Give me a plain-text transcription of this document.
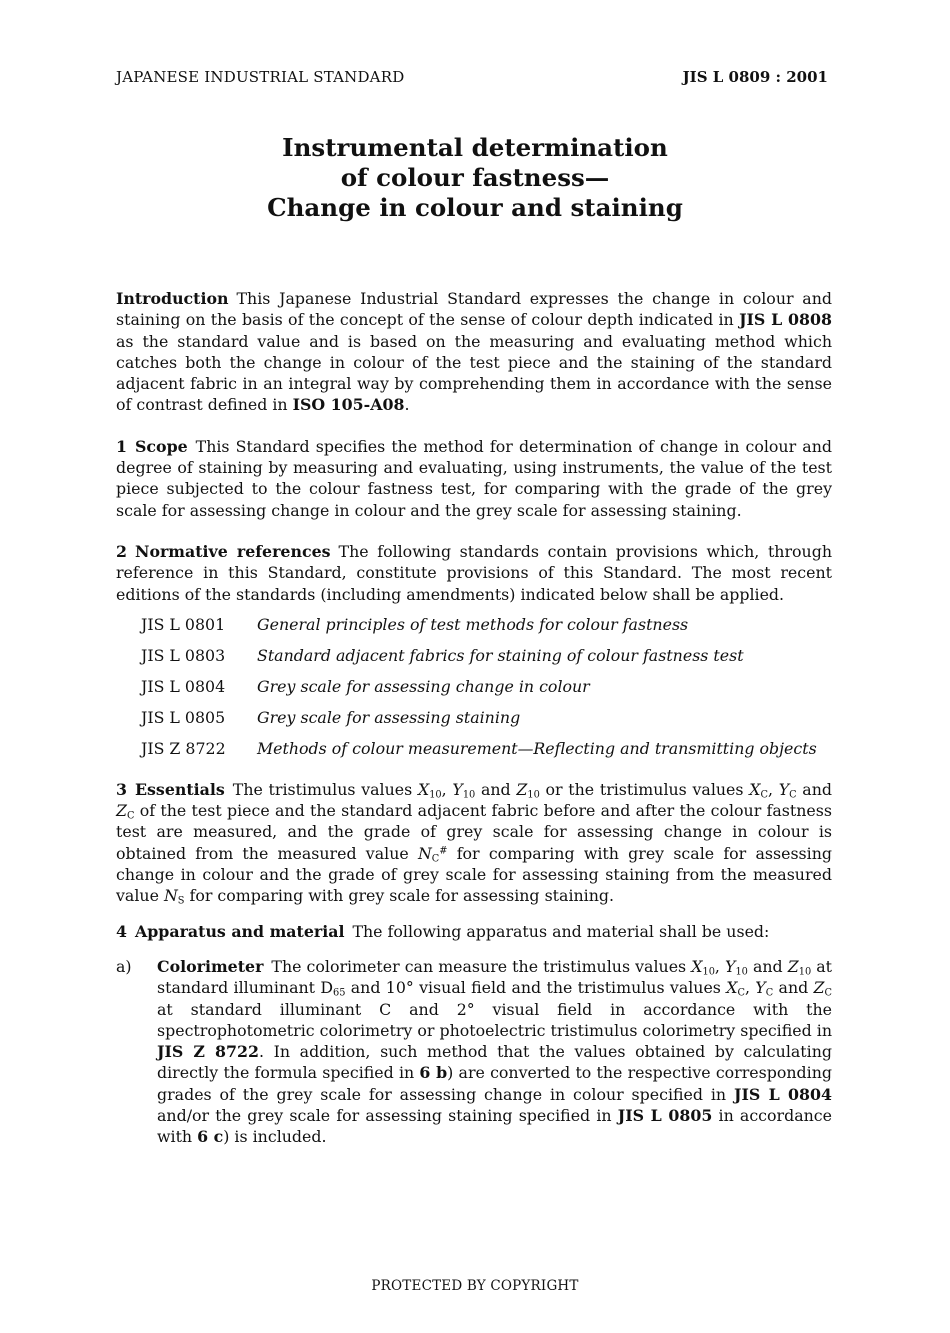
JAPANESE INDUSTRIAL STANDARD	JIS L 0809 : 2001
Instrumental determination
of colour fastness—
Change in colour and staining

Introduction This Japanese Industrial Standard expresses the change in colour and staining on the basis of the concept of the sense of colour depth indicated in JIS L 0808 as the standard value and is based on the measuring and evaluating method which catches both the change in colour of the test piece and the staining of the standard adjacent fabric in an integral way by comprehending them in accordance with the sense of contrast defined in ISO 105-A08.

1 Scope This Standard specifies the method for determination of change in colour and degree of staining by measuring and evaluating, using instruments, the value of the test piece subjected to the colour fastness test, for comparing with the grade of the grey scale for assessing change in colour and the grey scale for assessing staining.

2 Normative references The following standards contain provisions which, through reference in this Standard, constitute provisions of this Standard. The most recent editions of the standards (including amendments) indicated below shall be applied.

JIS L 0801	General principles of test methods for colour fastness
JIS L 0803	Standard adjacent fabrics for staining of colour fastness test
JIS L 0804	Grey scale for assessing change in colour
JIS L 0805	Grey scale for assessing staining
JIS Z 8722	Methods of colour measurement—Reflecting and transmitting objects

3 Essentials The tristimulus values $X_{10}$, $Y_{10}$ and $Z_{10}$ or the tristimulus values $X_C$, $Y_C$ and $Z_C$ of the test piece and the standard adjacent fabric before and after the colour fastness test are measured, and the grade of grey scale for assessing change in colour is obtained from the measured value $N_C^{\#}$ for comparing with grey scale for assessing change in colour and the grade of grey scale for assessing staining from the measured value $N_S$ for comparing with grey scale for assessing staining.

4 Apparatus and material The following apparatus and material shall be used:

a)	Colorimeter The colorimeter can measure the tristimulus values $X_{10}$, $Y_{10}$ and $Z_{10}$ at standard illuminant $D_{65}$ and 10° visual field and the tristimulus values $X_C$, $Y_C$ and $Z_C$ at standard illuminant C and 2° visual field in accordance with the spectrophotometric colorimetry or photoelectric tristimulus colorimetry specified in JIS Z 8722. In addition, such method that the values obtained by calculating directly the formula specified in 6 b) are converted to the respective corresponding grades of the grey scale for assessing change in colour specified in JIS L 0804 and/or the grey scale for assessing staining specified in JIS L 0805 in accordance with 6 c) is included.
PROTECTED BY COPYRIGHT
